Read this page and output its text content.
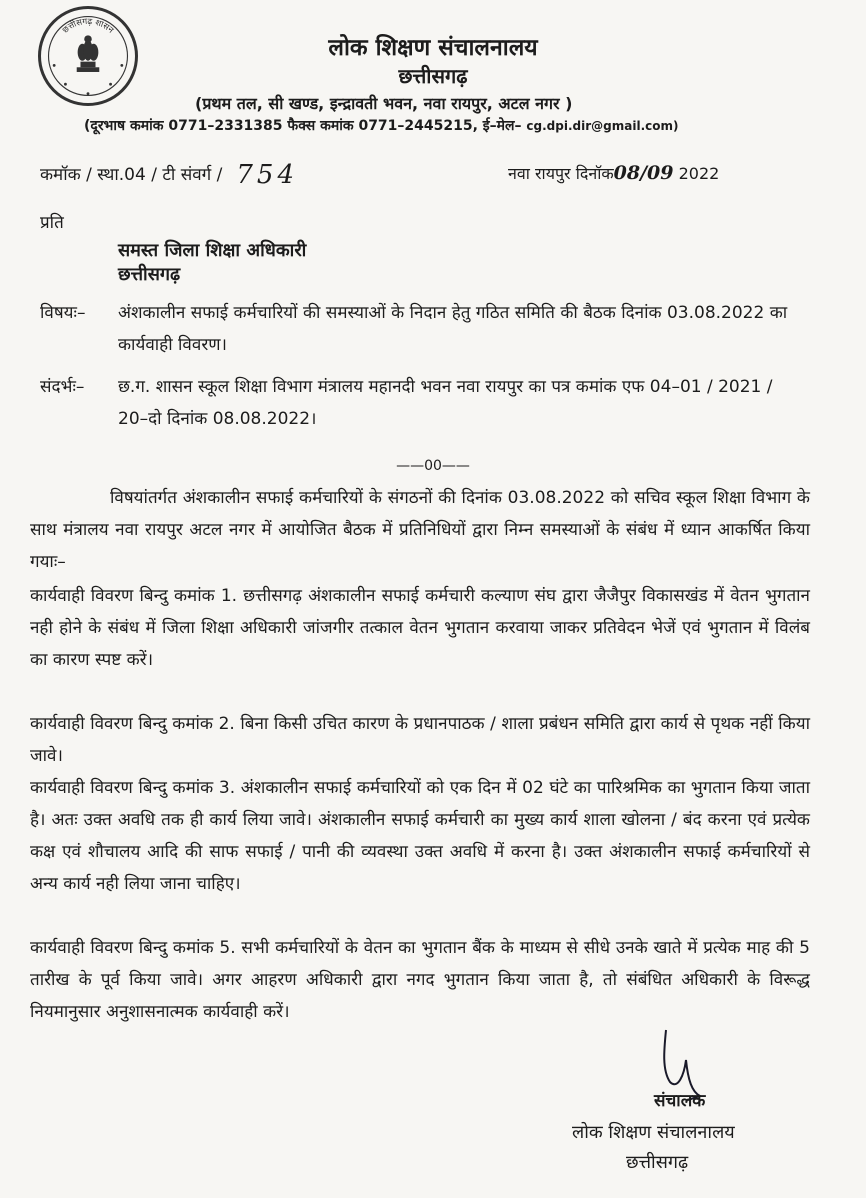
छत्तीसगढ़ शासन
लोक शिक्षण संचालनालय
छत्तीसगढ़
(प्रथम तल, सी खण्ड, इन्द्रावती भवन, नवा रायपुर, अटल नगर )
(दूरभाष कमांक 0771–2331385 फैक्स कमांक 0771–2445215, ई–मेल– cg.dpi.dir@gmail.com)
कमॉक / स्था.04 / टी संवर्ग / 754	नवा रायपुर दिनॉक08/09 2022
प्रति
समस्त जिला शिक्षा अधिकारी
छत्तीसगढ़
विषयः– अंशकालीन सफाई कर्मचारियों की समस्याओं के निदान हेतु गठित समिति की बैठक दिनांक 03.08.2022 का कार्यवाही विवरण।
संदर्भः– छ.ग. शासन स्कूल शिक्षा विभाग मंत्रालय महानदी भवन नवा रायपुर का पत्र कमांक एफ 04–01 / 2021 / 20–दो दिनांक 08.08.2022।
——00——
विषयांतर्गत अंशकालीन सफाई कर्मचारियों के संगठनों की दिनांक 03.08.2022 को सचिव स्कूल शिक्षा विभाग के साथ मंत्रालय नवा रायपुर अटल नगर में आयोजित बैठक में प्रतिनिधियों द्वारा निम्न समस्याओं के संबंध में ध्यान आकर्षित किया गयाः–
कार्यवाही विवरण बिन्दु कमांक 1. छत्तीसगढ़ अंशकालीन सफाई कर्मचारी कल्याण संघ द्वारा जैजैपुर विकासखंड में वेतन भुगतान नही होने के संबंध में जिला शिक्षा अधिकारी जांजगीर तत्काल वेतन भुगतान करवाया जाकर प्रतिवेदन भेजें एवं भुगतान में विलंब का कारण स्पष्ट करें।
कार्यवाही विवरण बिन्दु कमांक 2. बिना किसी उचित कारण के प्रधानपाठक / शाला प्रबंधन समिति द्वारा कार्य से पृथक नहीं किया जावे।
कार्यवाही विवरण बिन्दु कमांक 3. अंशकालीन सफाई कर्मचारियों को एक दिन में 02 घंटे का पारिश्रमिक का भुगतान किया जाता है। अतः उक्त अवधि तक ही कार्य लिया जावे। अंशकालीन सफाई कर्मचारी का मुख्य कार्य शाला खोलना / बंद करना एवं प्रत्येक कक्ष एवं शौचालय आदि की साफ सफाई / पानी की व्यवस्था उक्त अवधि में करना है। उक्त अंशकालीन सफाई कर्मचारियों से अन्य कार्य नही लिया जाना चाहिए।
कार्यवाही विवरण बिन्दु कमांक 5. सभी कर्मचारियों के वेतन का भुगतान बैंक के माध्यम से सीधे उनके खाते में प्रत्येक माह की 5 तारीख के पूर्व किया जावे। अगर आहरण अधिकारी द्वारा नगद भुगतान किया जाता है, तो संबंधित अधिकारी के विरूद्ध नियमानुसार अनुशासनात्मक कार्यवाही करें।
संचालक
लोक शिक्षण संचालनालय
छत्तीसगढ़
